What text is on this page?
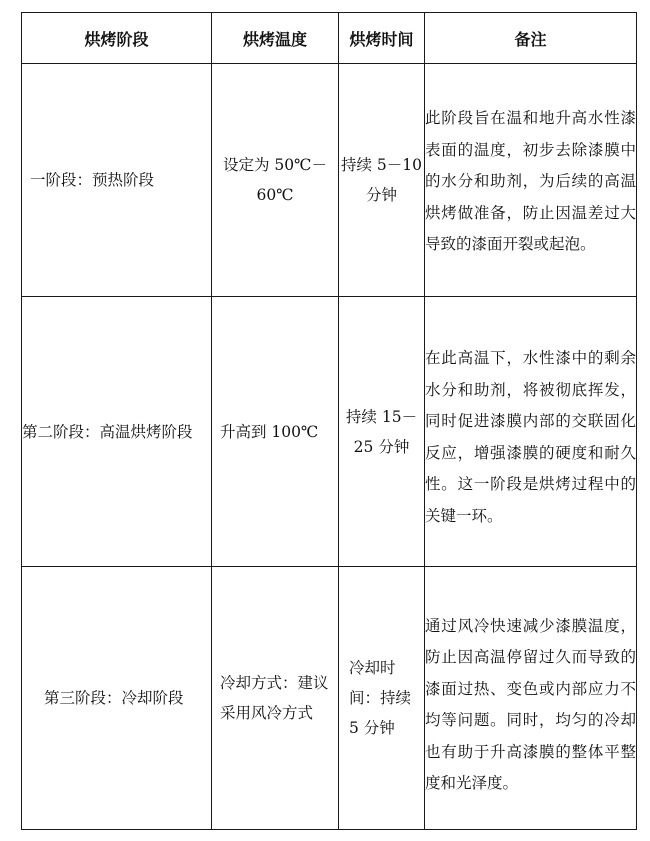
烘烤阶段	烘烤温度	烘烤时间	备注
一阶段：预热阶段	设定为 50℃－60℃	持续 5－10 分钟	此阶段旨在温和地升高水性漆表面的温度，初步去除漆膜中的水分和助剂，为后续的高温烘烤做准备，防止因温差过大导致的漆面开裂或起泡。
第二阶段：高温烘烤阶段	升高到 100℃	持续 15－25 分钟	在此高温下，水性漆中的剩余水分和助剂，将被彻底挥发，同时促进漆膜内部的交联固化反应，增强漆膜的硬度和耐久性。这一阶段是烘烤过程中的关键一环。
第三阶段：冷却阶段	冷却方式：建议采用风冷方式	冷却时间：持续 5 分钟	通过风冷快速减少漆膜温度，防止因高温停留过久而导致的漆面过热、变色或内部应力不均等问题。同时，均匀的冷却也有助于升高漆膜的整体平整度和光泽度。
